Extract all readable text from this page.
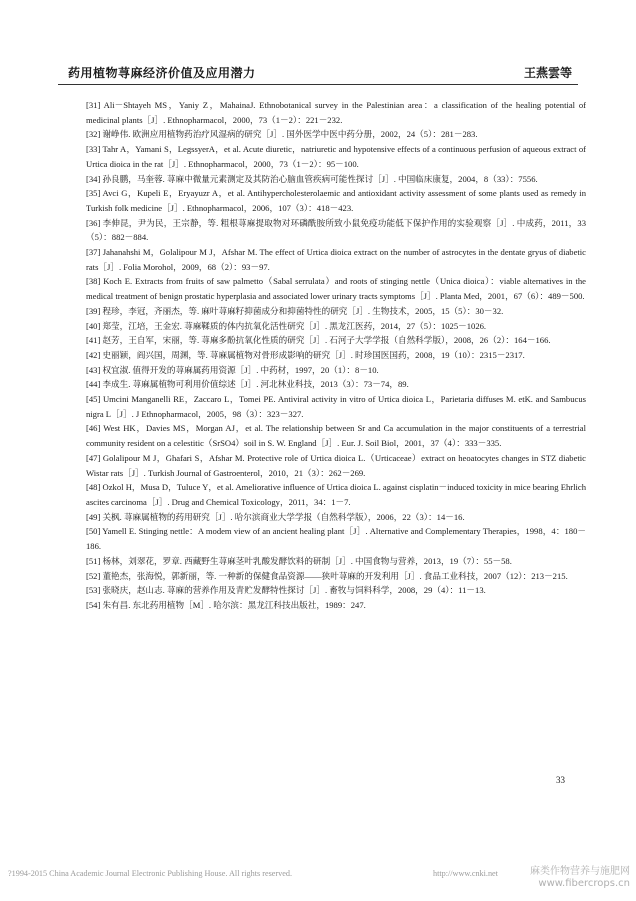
药用植物荨麻经济价值及应用潜力	王燕雲等

[31] Ali－Shtayeh MS，Yaniy Z，MahainaJ. Ethnobotanical survey in the Palestinian area：a classification of the healing potential of medicinal plants［J］. Ethnopharmacol，2000，73（1－2）：221－232.

[32] 谢峥伟. 欧洲应用植物药治疗风湿病的研究［J］. 国外医学中医中药分册，2002，24（5）：281－283.

[33] Tahr A，Yamani S，LegssyerA，et al. Acute diuretic，natriuretic and hypotensive effects of a continuous perfusion of aqueous extract of Urtica dioica in the rat［J］. Ethnopharmacol，2000，73（1－2）：95－100.

[34] 孙良鹏，马奎蓉. 荨麻中微量元素测定及其防治心脑血管疾病可能性探讨［J］. 中国临床康复，2004，8（33）：7556.

[35] Avci G，Kupeli E，Eryayuzr A，et al. Antihypercholesterolaemic and antioxidant activity assessment of some plants used as remedy in Turkish folk medicine［J］. Ethnopharmacol，2006，107（3）：418－423.

[36] 李伸昆，尹为民，王宗静，等. 粗根荨麻提取物对环磷酰胺所致小鼠免疫功能低下保护作用的实验观察［J］. 中成药，2011，33（5）：882－884.

[37] Jahanahshi M，Golalipour M J，Afshar M. The effect of Urtica dioica extract on the number of astrocytes in the dentate gryus of diabetic rats［J］. Folia Morohol，2009，68（2）：93－97.

[38] Koch E. Extracts from fruits of saw palmetto（Sabal serrulata）and roots of stinging nettle（Unica dioica）：viable alternatives in the medical treatment of benign prostatic hyperplasia and associated lower urinary tracts symptoms［J］. Planta Med，2001，67（6）：489－500.

[39] 程珍，李冠，齐丽杰，等. 麻叶荨麻籽抑菌成分和抑菌特性的研究［J］. 生物技术，2005，15（5）：30－32.

[40] 郑莹，江培，王金宏. 荨麻鞣质的体内抗氧化活性研究［J］. 黑龙江医药，2014，27（5）：1025－1026.

[41] 赵芳，王自军，宋丽，等. 荨麻多酚抗氧化性质的研究［J］. 石河子大学学报（自然科学版），2008，26（2）：164－166.

[42] 史丽颖，阎兴国，周渊，等. 荨麻属植物对骨形成影响的研究［J］. 时珍国医国药，2008，19（10）：2315－2317.

[43] 权宜淑. 值得开发的荨麻属药用资源［J］. 中药材，1997，20（1）：8－10.

[44] 李成生. 荨麻属植物可利用价值综述［J］. 河北林业科技，2013（3）：73－74，89.

[45] Umcini Manganelli RE，Zaccaro L，Tomei PE. Antiviral activity in vitro of Urtica dioica L，Parietaria diffuses M. etK. and Sambucus nigra L［J］. J Ethnopharmacol，2005，98（3）：323－327.

[46] West HK，Davies MS，Morgan AJ，et al. The relationship between Sr and Ca accumulation in the major constituents of a terrestrial community resident on a celestitic（SrSO4）soil in S. W. England［J］. Eur. J. Soil Biol，2001，37（4）：333－335.

[47] Golalipour M J，Ghafari S，Afshar M. Protective role of Urtica dioica L.（Urticaceae）extract on heoatocytes changes in STZ diabetic Wistar rats［J］. Turkish Journal of Gastroenterol，2010，21（3）：262－269.

[48] Ozkol H，Musa D，Tuluce Y，et al. Ameliorative influence of Urtica dioica L. against cisplatin－induced toxicity in mice bearing Ehrlich ascites carcinoma［J］. Drug and Chemical Toxicology，2011，34：1－7.

[49] 关枫. 荨麻属植物的药用研究［J］. 哈尔滨商业大学学报（自然科学版），2006，22（3）：14－16.

[50] Yamell E. Stinging nettle：A modem view of an ancient healing plant［J］. Alternative and Complementary Therapies，1998，4：180－186.

[51] 杨林，刘翠花，罗章. 西藏野生荨麻茎叶乳酸发酵饮料的研制［J］. 中国食物与营养，2013，19（7）：55－58.

[52] 董艳杰，张海悦，郭新丽，等. 一种新的保健食品资源——狭叶荨麻的开发利用［J］. 食品工业科技，2007（12）：213－215.

[53] 张晓庆，赵山志. 荨麻的营养作用及青贮发酵特性探讨［J］. 畜牧与饲料科学，2008，29（4）：11－13.

[54] 朱有昌. 东北药用植物［M］. 哈尔滨：黑龙江科技出版社，1989：247.

33
?1994-2015 China Academic Journal Electronic Publishing House. All rights reserved.	http://www.cnki.net	麻类作物营养与施肥网
www.fibercrops.cn
